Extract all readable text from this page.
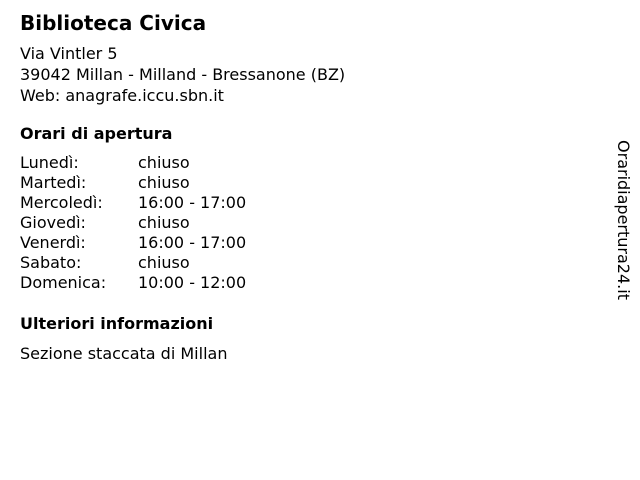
Biblioteca Civica
Via Vintler 5
39042 Millan - Milland - Bressanone (BZ)
Web: anagrafe.iccu.sbn.it
Orari di apertura
Lunedì:	chiuso
Martedì:	chiuso
Mercoledì: 16:00 - 17:00
Giovedì:	chiuso
Venerdì:	16:00 - 17:00
Sabato:	chiuso
Domenica: 10:00 - 12:00
Ulteriori informazioni
Sezione staccata di Millan
Oraridiapertura24.it
